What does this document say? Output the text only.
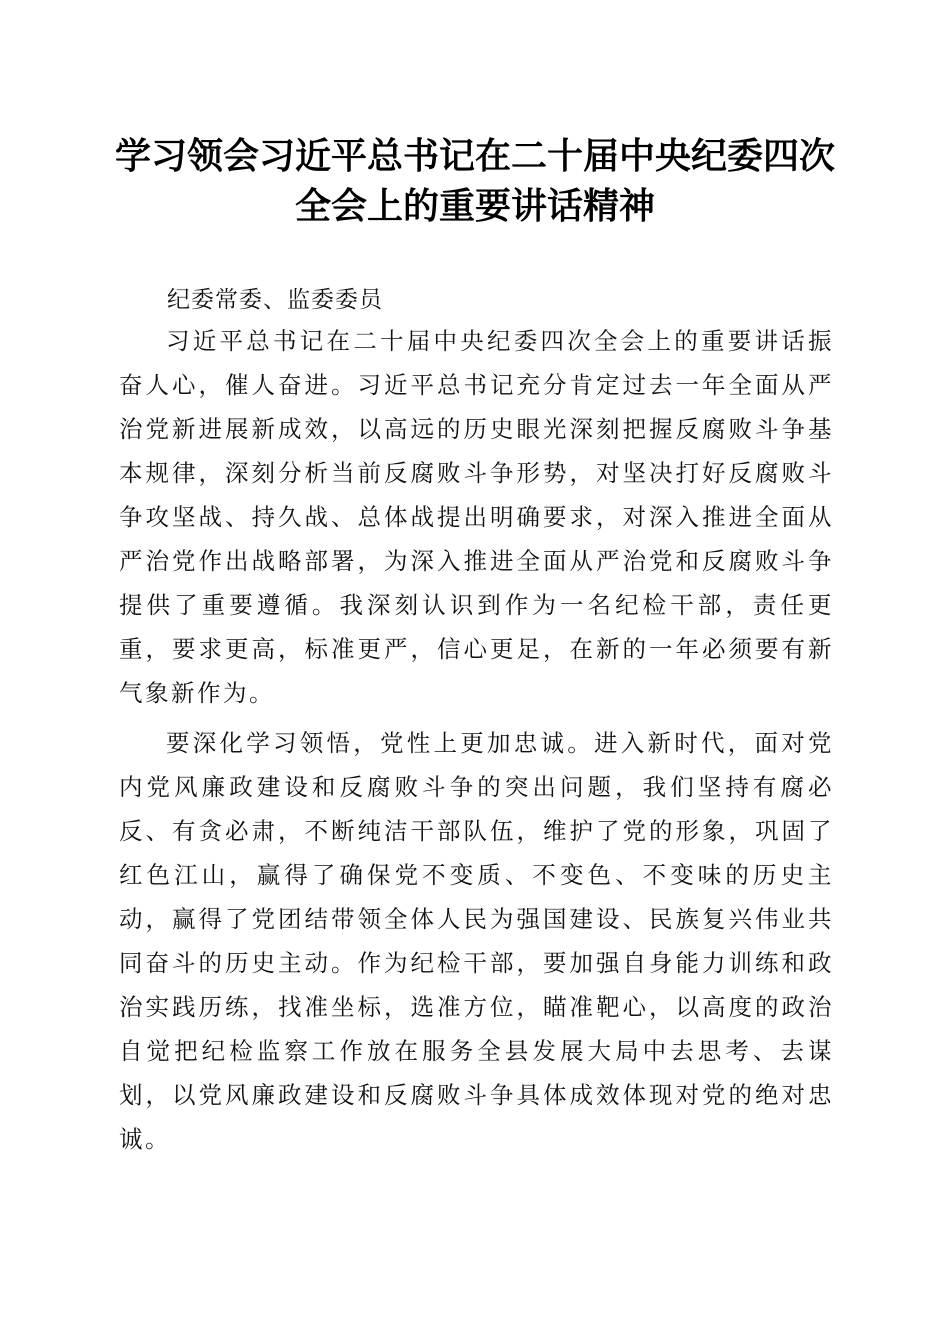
学习领会习近平总书记在二十届中央纪委四次
全会上的重要讲话精神

纪委常委、监委委员

习近平总书记在二十届中央纪委四次全会上的重要讲话振奋人心，催人奋进。习近平总书记充分肯定过去一年全面从严治党新进展新成效，以高远的历史眼光深刻把握反腐败斗争基本规律，深刻分析当前反腐败斗争形势，对坚决打好反腐败斗争攻坚战、持久战、总体战提出明确要求，对深入推进全面从严治党作出战略部署，为深入推进全面从严治党和反腐败斗争提供了重要遵循。我深刻认识到作为一名纪检干部，责任更重，要求更高，标准更严，信心更足，在新的一年必须要有新气象新作为。

要深化学习领悟，党性上更加忠诚。进入新时代，面对党内党风廉政建设和反腐败斗争的突出问题，我们坚持有腐必反、有贪必肃，不断纯洁干部队伍，维护了党的形象，巩固了红色江山，赢得了确保党不变质、不变色、不变味的历史主动，赢得了党团结带领全体人民为强国建设、民族复兴伟业共同奋斗的历史主动。作为纪检干部，要加强自身能力训练和政治实践历练，找准坐标，选准方位，瞄准靶心，以高度的政治自觉把纪检监察工作放在服务全县发展大局中去思考、去谋划，以党风廉政建设和反腐败斗争具体成效体现对党的绝对忠诚。
